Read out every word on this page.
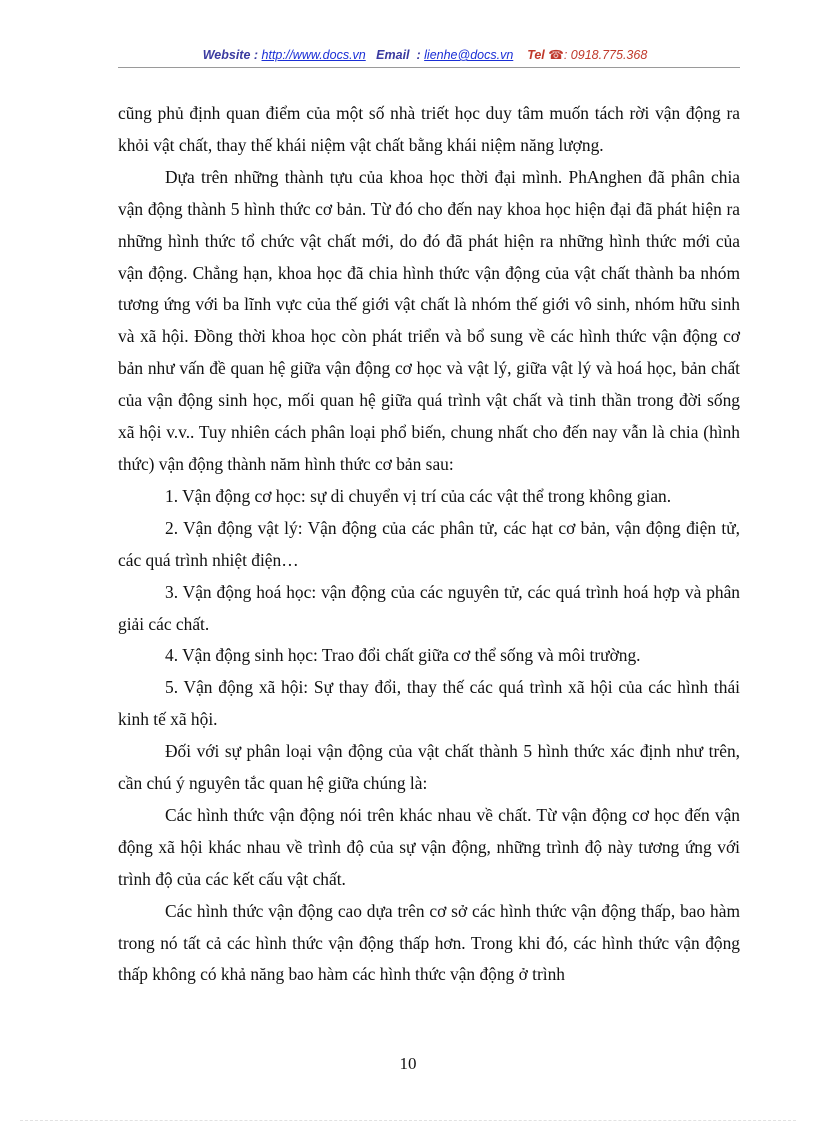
Website : http://www.docs.vn Email : lienhe@docs.vn Tel ☎: 0918.775.368

cũng phủ định quan điểm của một số nhà triết học duy tâm muốn tách rời vận động ra khỏi vật chất, thay thế khái niệm vật chất bằng khái niệm năng lượng.

Dựa trên những thành tựu của khoa học thời đại mình. PhAnghen đã phân chia vận động thành 5 hình thức cơ bản. Từ đó cho đến nay khoa học hiện đại đã phát hiện ra những hình thức tổ chức vật chất mới, do đó đã phát hiện ra những hình thức mới của vận động. Chẳng hạn, khoa học đã chia hình thức vận động của vật chất thành ba nhóm tương ứng với ba lĩnh vực của thế giới vật chất là nhóm thế giới vô sinh, nhóm hữu sinh và xã hội. Đồng thời khoa học còn phát triển và bổ sung về các hình thức vận động cơ bản như vấn đề quan hệ giữa vận động cơ học và vật lý, giữa vật lý và hoá học, bản chất của vận động sinh học, mối quan hệ giữa quá trình vật chất và tinh thần trong đời sống xã hội v.v.. Tuy nhiên cách phân loại phổ biến, chung nhất cho đến nay vẫn là chia (hình thức) vận động thành năm hình thức cơ bản sau:

1. Vận động cơ học: sự di chuyển vị trí của các vật thể trong không gian.

2. Vận động vật lý: Vận động của các phân tử, các hạt cơ bản, vận động điện tử, các quá trình nhiệt điện…

3. Vận động hoá học: vận động của các nguyên tử, các quá trình hoá hợp và phân giải các chất.

4. Vận động sinh học: Trao đổi chất giữa cơ thể sống và môi trường.

5. Vận động xã hội: Sự thay đổi, thay thế các quá trình xã hội của các hình thái kinh tế xã hội.

Đối với sự phân loại vận động của vật chất thành 5 hình thức xác định như trên, cần chú ý nguyên tắc quan hệ giữa chúng là:

Các hình thức vận động nói trên khác nhau về chất. Từ vận động cơ học đến vận động xã hội khác nhau về trình độ của sự vận động, những trình độ này tương ứng với trình độ của các kết cấu vật chất.

Các hình thức vận động cao dựa trên cơ sở các hình thức vận động thấp, bao hàm trong nó tất cả các hình thức vận động thấp hơn. Trong khi đó, các hình thức vận động thấp không có khả năng bao hàm các hình thức vận động ở trình

10
